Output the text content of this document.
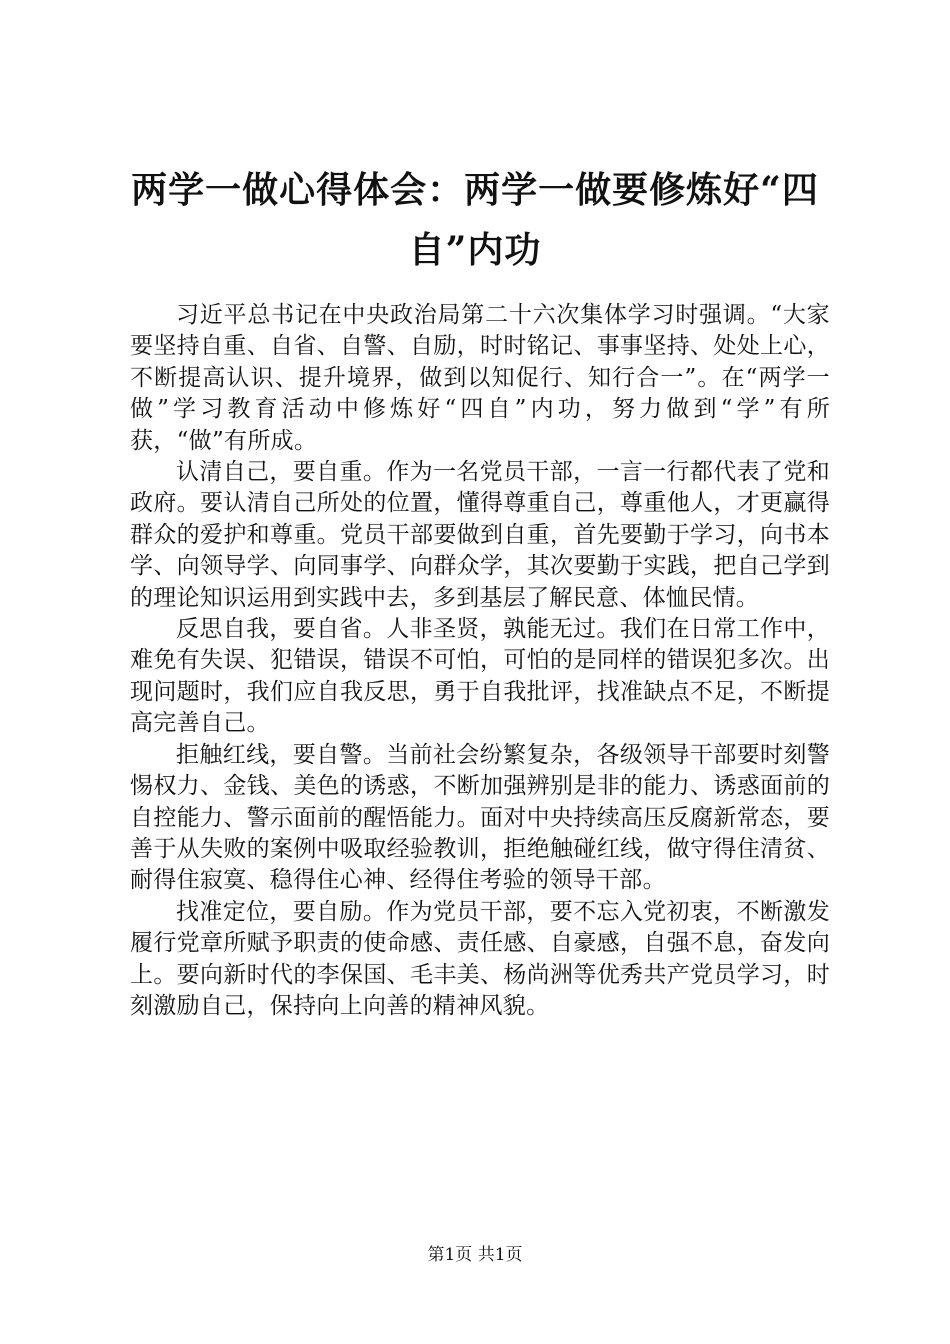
两学一做心得体会：两学一做要修炼好“四自”内功

习近平总书记在中央政治局第二十六次集体学习时强调。“大家要坚持自重、自省、自警、自励，时时铭记、事事坚持、处处上心，不断提高认识、提升境界，做到以知促行、知行合一”。在“两学一做”学习教育活动中修炼好“四自”内功，努力做到“学”有所获，“做”有所成。

认清自己，要自重。作为一名党员干部，一言一行都代表了党和政府。要认清自己所处的位置，懂得尊重自己，尊重他人，才更赢得群众的爱护和尊重。党员干部要做到自重，首先要勤于学习，向书本学、向领导学、向同事学、向群众学，其次要勤于实践，把自己学到的理论知识运用到实践中去，多到基层了解民意、体恤民情。

反思自我，要自省。人非圣贤，孰能无过。我们在日常工作中，难免有失误、犯错误，错误不可怕，可怕的是同样的错误犯多次。出现问题时，我们应自我反思，勇于自我批评，找准缺点不足，不断提高完善自己。

拒触红线，要自警。当前社会纷繁复杂，各级领导干部要时刻警惕权力、金钱、美色的诱惑，不断加强辨别是非的能力、诱惑面前的自控能力、警示面前的醒悟能力。面对中央持续高压反腐新常态，要善于从失败的案例中吸取经验教训，拒绝触碰红线，做守得住清贫、耐得住寂寞、稳得住心神、经得住考验的领导干部。

找准定位，要自励。作为党员干部，要不忘入党初衷，不断激发履行党章所赋予职责的使命感、责任感、自豪感，自强不息，奋发向上。要向新时代的李保国、毛丰美、杨尚洲等优秀共产党员学习，时刻激励自己，保持向上向善的精神风貌。

第1页 共1页
